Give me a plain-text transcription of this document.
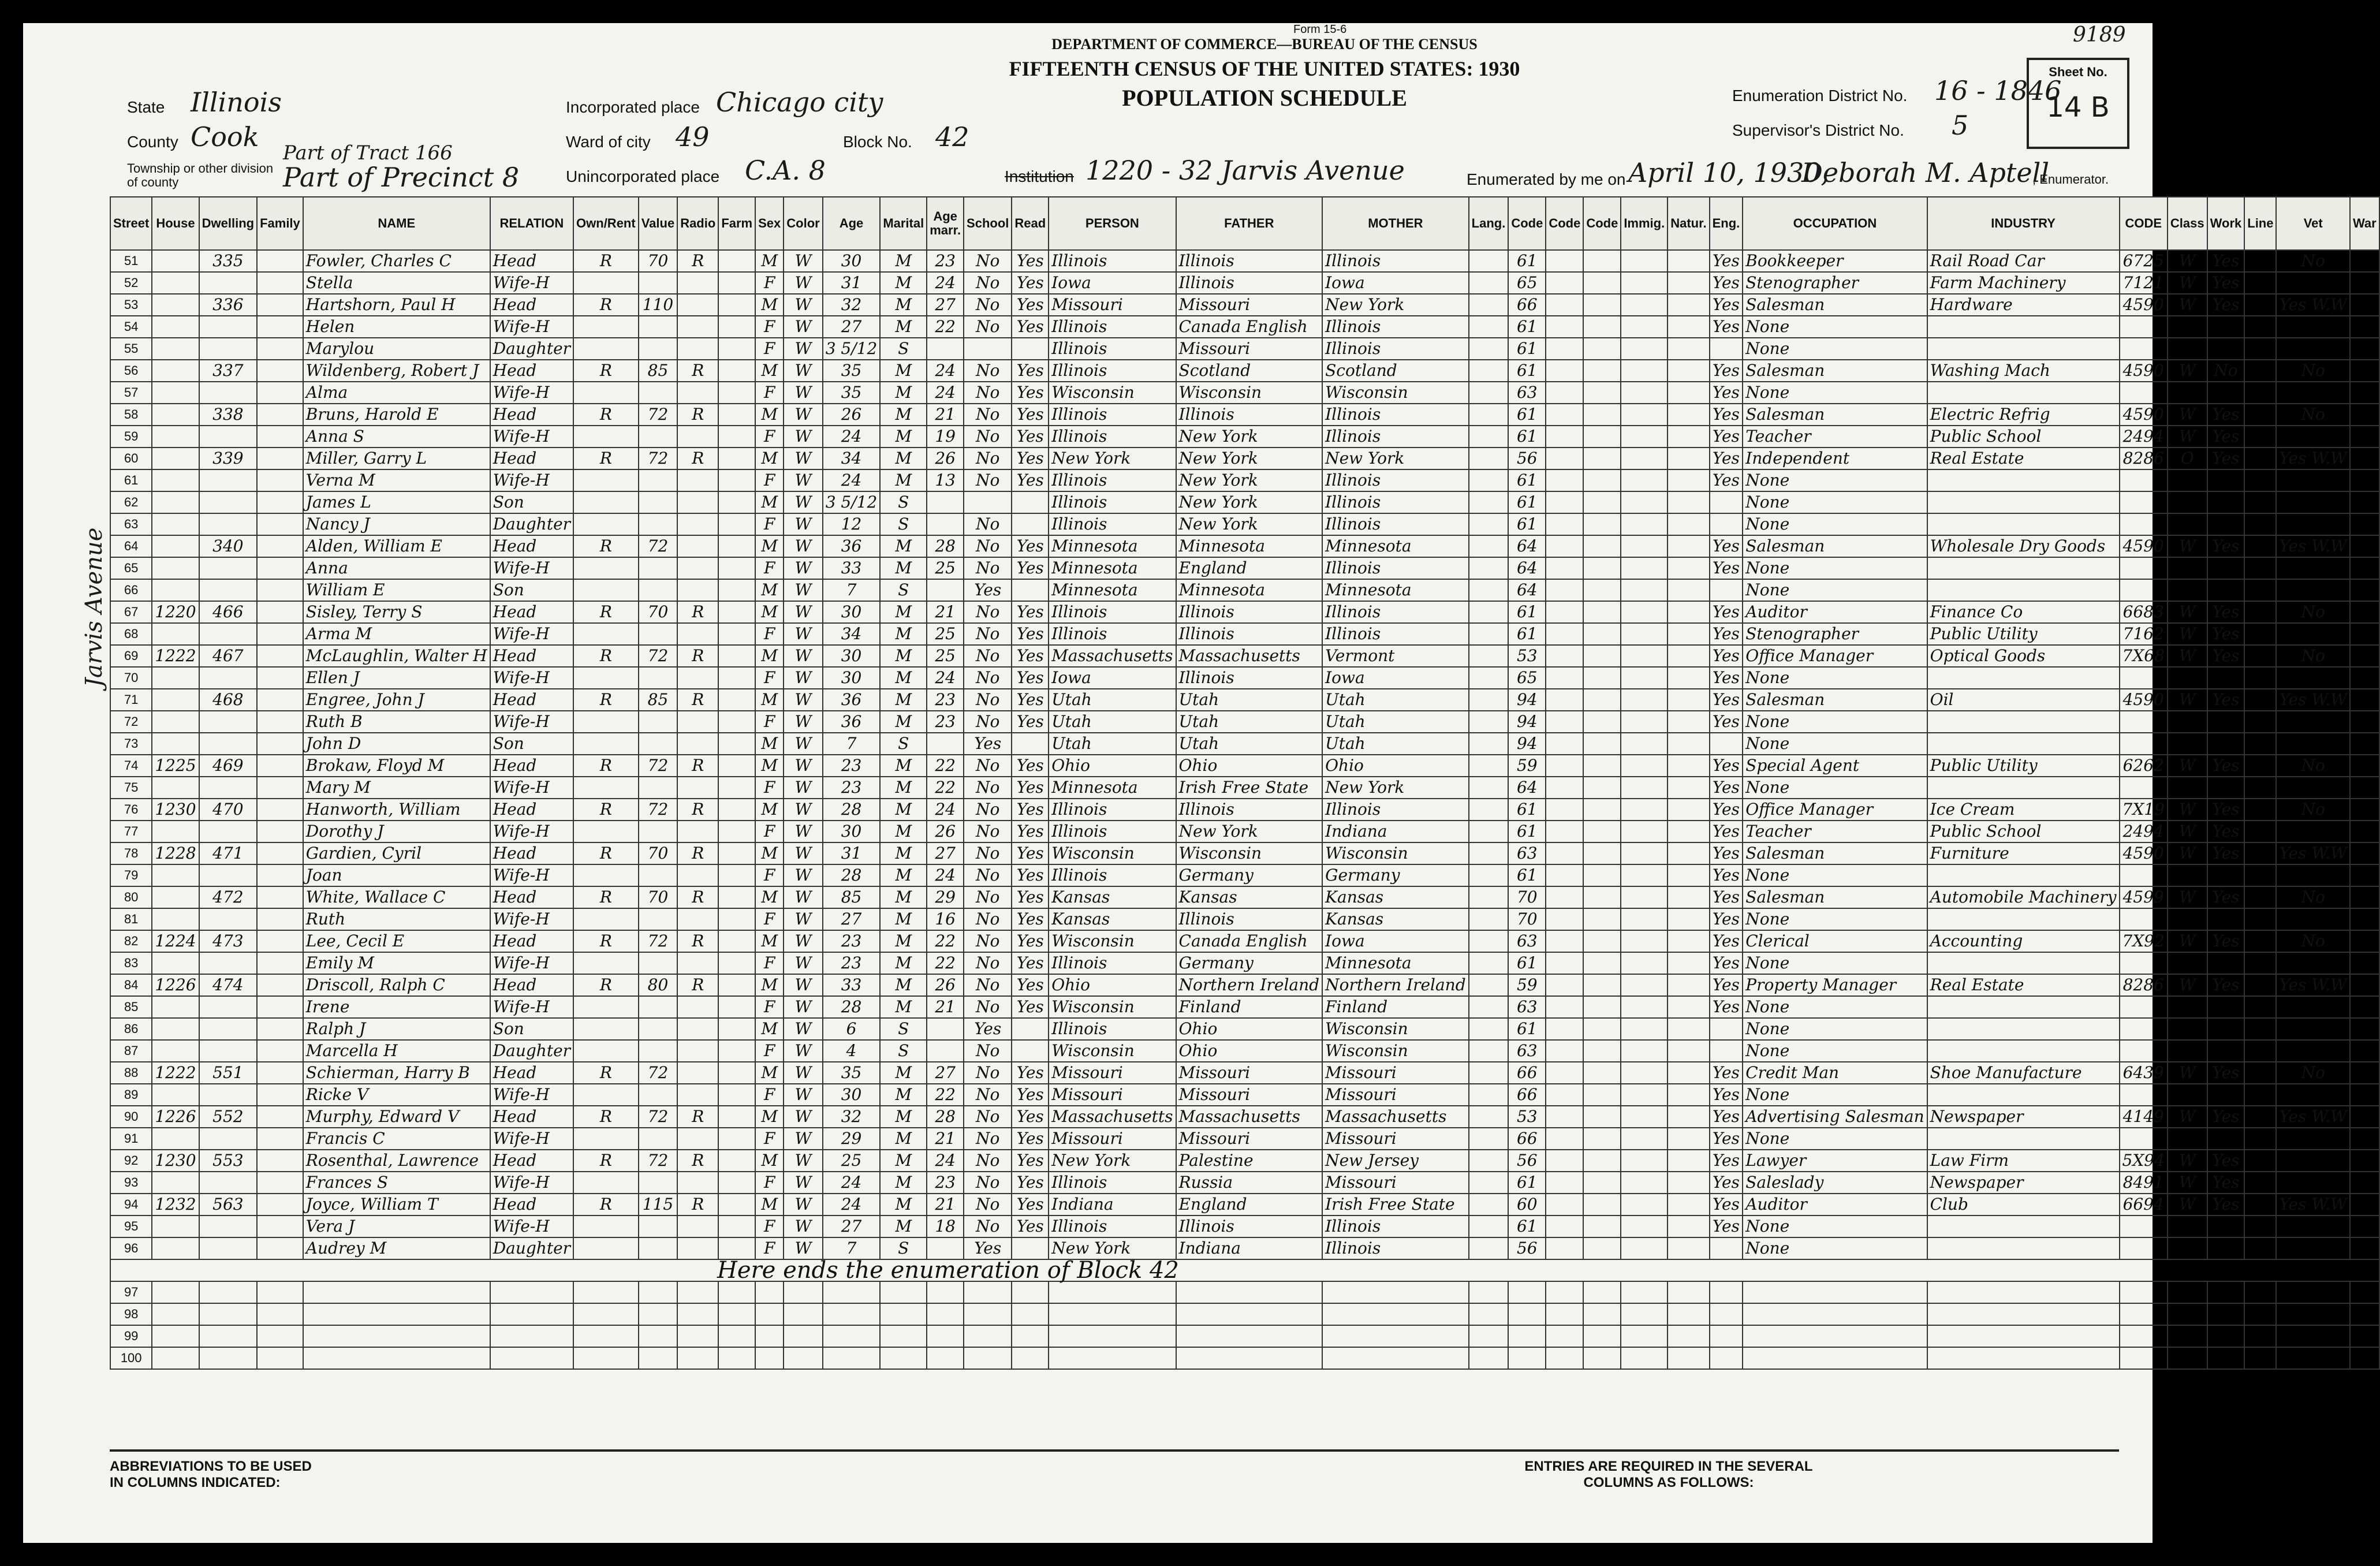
Form 15-6
DEPARTMENT OF COMMERCE—BUREAU OF THE CENSUS
FIFTEENTH CENSUS OF THE UNITED STATES: 1930
POPULATION SCHEDULE
State Illinois
County Cook
Township or other division of county
Part of Tract 166
Part of Precinct 8
Incorporated place Chicago city
Ward of city 49	Block No. 42
Unincorporated place C.A. 8	Institution 1220 - 32 Jarvis Avenue
Enumeration District No. 16 - 1846
Supervisor's District No. 5
Enumerated by me on April 10, 1930,
Deborah M. Aptell
, Enumerator.
Sheet No.
14 B
9189
Jarvis Avenue
Street	House	Dwelling	Family	NAME	RELATION	Own/Rent	Value	Radio	Farm	Sex	Color	Age	Marital	Age marr.	School	Read	PERSON	FATHER	MOTHER	Lang.	Code	Code	Code	Immig.	Natur.	Eng.	OCCUPATION	INDUSTRY	CODE	Class	Work	Line	Vet	War
51		335		Fowler, Charles C	Head	R	70	R		M	W	30	M	23	No	Yes	Illinois	Illinois	Illinois		61					Yes	Bookkeeper	Rail Road Car	6725	W	Yes		No	
52				Stella	Wife-H					F	W	31	M	24	No	Yes	Iowa	Illinois	Iowa		65					Yes	Stenographer	Farm Machinery	7121	W	Yes			
53		336		Hartshorn, Paul H	Head	R	110			M	W	32	M	27	No	Yes	Missouri	Missouri	New York		66					Yes	Salesman	Hardware	4590	W	Yes		Yes W.W	
54				Helen	Wife-H					F	W	27	M	22	No	Yes	Illinois	Canada English	Illinois		61					Yes	None							
55				Marylou	Daughter					F	W	3 5/12	S				Illinois	Missouri	Illinois		61						None							
56		337		Wildenberg, Robert J	Head	R	85	R		M	W	35	M	24	No	Yes	Illinois	Scotland	Scotland		61					Yes	Salesman	Washing Mach	4590	W	No		No	
57				Alma	Wife-H					F	W	35	M	24	No	Yes	Wisconsin	Wisconsin	Wisconsin		63					Yes	None							
58		338		Bruns, Harold E	Head	R	72	R		M	W	26	M	21	No	Yes	Illinois	Illinois	Illinois		61					Yes	Salesman	Electric Refrig	4590	W	Yes		No	
59				Anna S	Wife-H					F	W	24	M	19	No	Yes	Illinois	New York	Illinois		61					Yes	Teacher	Public School	2494	W	Yes			
60		339		Miller, Garry L	Head	R	72	R		M	W	34	M	26	No	Yes	New York	New York	New York		56					Yes	Independent	Real Estate	8286	O	Yes		Yes W.W	
61				Verna M	Wife-H					F	W	24	M	13	No	Yes	Illinois	New York	Illinois		61					Yes	None							
62				James L	Son					M	W	3 5/12	S				Illinois	New York	Illinois		61						None							
63				Nancy J	Daughter					F	W	12	S		No		Illinois	New York	Illinois		61						None							
64		340		Alden, William E	Head	R	72			M	W	36	M	28	No	Yes	Minnesota	Minnesota	Minnesota		64					Yes	Salesman	Wholesale Dry Goods	4590	W	Yes		Yes W.W	
65				Anna	Wife-H					F	W	33	M	25	No	Yes	Minnesota	England	Illinois		64					Yes	None							
66				William E	Son					M	W	7	S		Yes		Minnesota	Minnesota	Minnesota		64						None							
67	1220	466		Sisley, Terry S	Head	R	70	R		M	W	30	M	21	No	Yes	Illinois	Illinois	Illinois		61					Yes	Auditor	Finance Co	6683	W	Yes		No	
68				Arma M	Wife-H					F	W	34	M	25	No	Yes	Illinois	Illinois	Illinois		61					Yes	Stenographer	Public Utility	7162	W	Yes			
69	1222	467		McLaughlin, Walter H	Head	R	72	R		M	W	30	M	25	No	Yes	Massachusetts	Massachusetts	Vermont		53					Yes	Office Manager	Optical Goods	7X68	W	Yes		No	
70				Ellen J	Wife-H					F	W	30	M	24	No	Yes	Iowa	Illinois	Iowa		65					Yes	None							
71		468		Engree, John J	Head	R	85	R		M	W	36	M	23	No	Yes	Utah	Utah	Utah		94					Yes	Salesman	Oil	4590	W	Yes		Yes W.W	
72				Ruth B	Wife-H					F	W	36	M	23	No	Yes	Utah	Utah	Utah		94					Yes	None							
73				John D	Son					M	W	7	S		Yes		Utah	Utah	Utah		94						None							
74	1225	469		Brokaw, Floyd M	Head	R	72	R		M	W	23	M	22	No	Yes	Ohio	Ohio	Ohio		59					Yes	Special Agent	Public Utility	6262	W	Yes		No	
75				Mary M	Wife-H					F	W	23	M	22	No	Yes	Minnesota	Irish Free State	New York		64					Yes	None							
76	1230	470		Hanworth, William	Head	R	72	R		M	W	28	M	24	No	Yes	Illinois	Illinois	Illinois		61					Yes	Office Manager	Ice Cream	7X19	W	Yes		No	
77				Dorothy J	Wife-H					F	W	30	M	26	No	Yes	Illinois	New York	Indiana		61					Yes	Teacher	Public School	2494	W	Yes			
78	1228	471		Gardien, Cyril	Head	R	70	R		M	W	31	M	27	No	Yes	Wisconsin	Wisconsin	Wisconsin		63					Yes	Salesman	Furniture	4590	W	Yes		Yes W.W	
79				Joan	Wife-H					F	W	28	M	24	No	Yes	Illinois	Germany	Germany		61					Yes	None							
80		472		White, Wallace C	Head	R	70	R		M	W	85	M	29	No	Yes	Kansas	Kansas	Kansas		70					Yes	Salesman	Automobile Machinery	4599	W	Yes		No	
81				Ruth	Wife-H					F	W	27	M	16	No	Yes	Kansas	Illinois	Kansas		70					Yes	None							
82	1224	473		Lee, Cecil E	Head	R	72	R		M	W	23	M	22	No	Yes	Wisconsin	Canada English	Iowa		63					Yes	Clerical	Accounting	7X92	W	Yes		No	
83				Emily M	Wife-H					F	W	23	M	22	No	Yes	Illinois	Germany	Minnesota		61					Yes	None							
84	1226	474		Driscoll, Ralph C	Head	R	80	R		M	W	33	M	26	No	Yes	Ohio	Northern Ireland	Northern Ireland		59					Yes	Property Manager	Real Estate	8286	W	Yes		Yes W.W	
85				Irene	Wife-H					F	W	28	M	21	No	Yes	Wisconsin	Finland	Finland		63					Yes	None							
86				Ralph J	Son					M	W	6	S		Yes		Illinois	Ohio	Wisconsin		61						None							
87				Marcella H	Daughter					F	W	4	S		No		Wisconsin	Ohio	Wisconsin		63						None							
88	1222	551		Schierman, Harry B	Head	R	72			M	W	35	M	27	No	Yes	Missouri	Missouri	Missouri		66					Yes	Credit Man	Shoe Manufacture	6439	W	Yes		No	
89				Ricke V	Wife-H					F	W	30	M	22	No	Yes	Missouri	Missouri	Missouri		66					Yes	None							
90	1226	552		Murphy, Edward V	Head	R	72	R		M	W	32	M	28	No	Yes	Massachusetts	Massachusetts	Massachusetts		53					Yes	Advertising Salesman	Newspaper	4149	W	Yes		Yes W.W	
91				Francis C	Wife-H					F	W	29	M	21	No	Yes	Missouri	Missouri	Missouri		66					Yes	None							
92	1230	553		Rosenthal, Lawrence	Head	R	72	R		M	W	25	M	24	No	Yes	New York	Palestine	New Jersey		56					Yes	Lawyer	Law Firm	5X94	W	Yes			
93				Frances S	Wife-H					F	W	24	M	23	No	Yes	Illinois	Russia	Missouri		61					Yes	Saleslady	Newspaper	8491	W	Yes			
94	1232	563		Joyce, William T	Head	R	115	R		M	W	24	M	21	No	Yes	Indiana	England	Irish Free State		60					Yes	Auditor	Club	6694	W	Yes		Yes W.W	
95				Vera J	Wife-H					F	W	27	M	18	No	Yes	Illinois	Illinois	Illinois		61					Yes	None							
96				Audrey M	Daughter					F	W	7	S		Yes		New York	Indiana	Illinois		56						None							
Here ends the enumeration of Block 42																																		
97																																		
98																																		
99																																		
100																																		
ABBREVIATIONS TO BE USED IN COLUMNS INDICATED:
ENTRIES ARE REQUIRED IN THE SEVERAL COLUMNS AS FOLLOWS:
